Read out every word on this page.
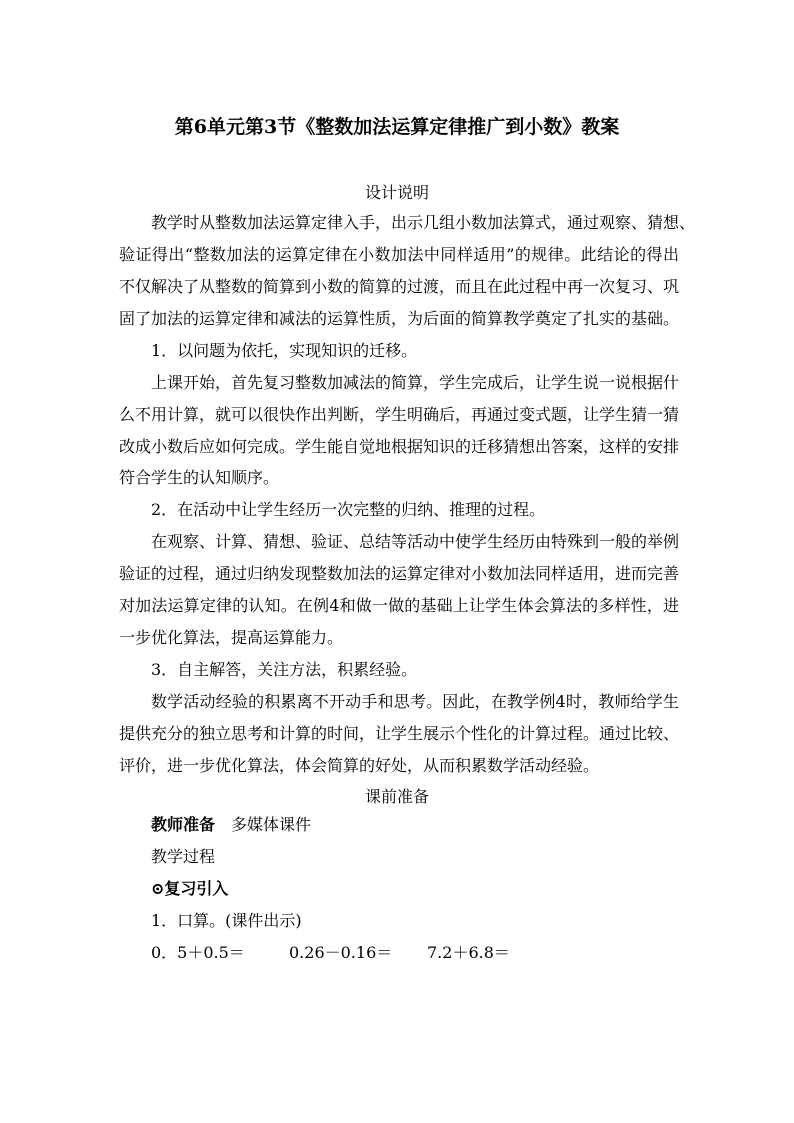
第6单元第3节《整数加法运算定律推广到小数》教案
设计说明
教学时从整数加法运算定律入手，出示几组小数加法算式，通过观察、猜想、
验证得出“整数加法的运算定律在小数加法中同样适用”的规律。此结论的得出
不仅解决了从整数的简算到小数的简算的过渡，而且在此过程中再一次复习、巩
固了加法的运算定律和减法的运算性质，为后面的简算教学奠定了扎实的基础。
1．以问题为依托，实现知识的迁移。
上课开始，首先复习整数加减法的简算，学生完成后，让学生说一说根据什
么不用计算，就可以很快作出判断，学生明确后，再通过变式题，让学生猜一猜
改成小数后应如何完成。学生能自觉地根据知识的迁移猜想出答案，这样的安排
符合学生的认知顺序。
2．在活动中让学生经历一次完整的归纳、推理的过程。
在观察、计算、猜想、验证、总结等活动中使学生经历由特殊到一般的举例
验证的过程，通过归纳发现整数加法的运算定律对小数加法同样适用，进而完善
对加法运算定律的认知。在例4和做一做的基础上让学生体会算法的多样性，进
一步优化算法，提高运算能力。
3．自主解答，关注方法，积累经验。
数学活动经验的积累离不开动手和思考。因此，在教学例4时，教师给学生
提供充分的独立思考和计算的时间，让学生展示个性化的计算过程。通过比较、
评价，进一步优化算法，体会简算的好处，从而积累数学活动经验。
课前准备
教师准备 多媒体课件
教学过程
⊙复习引入
1．口算。(课件出示)
0．5＋0.5＝	0.26－0.16＝ 7.2＋6.8＝
